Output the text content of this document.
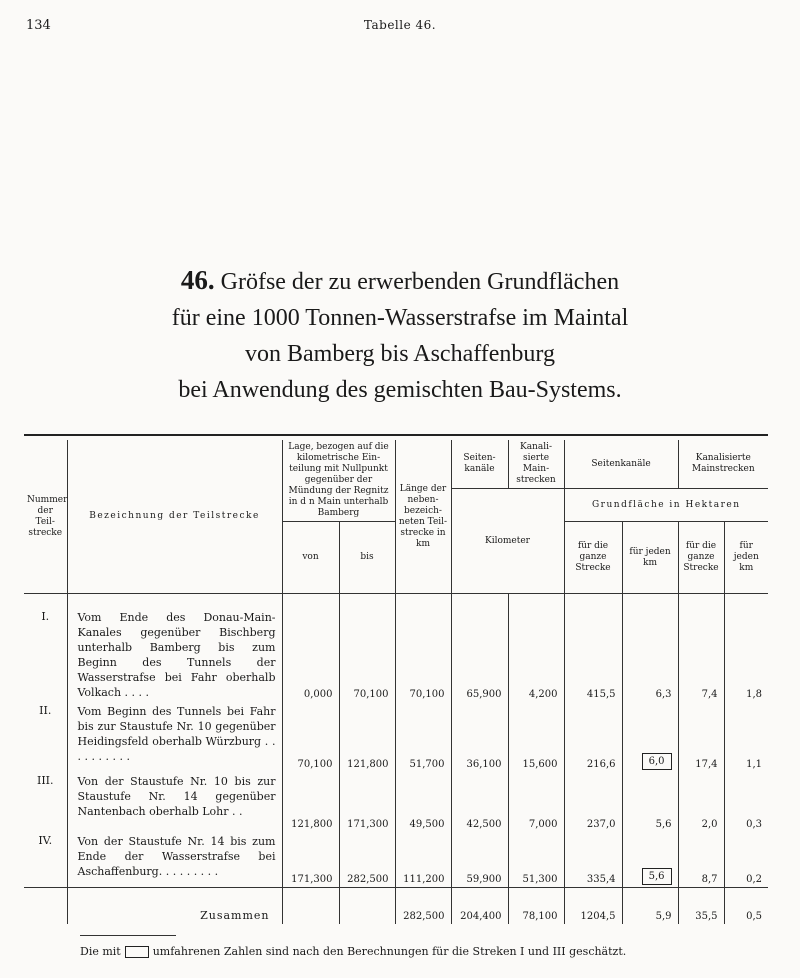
134	Tabelle 46.
46. Gröfse der zu erwerbenden Grundflächen
für eine 1000 Tonnen-Wasserstrafse im Maintal
von Bamberg bis Aschaffenburg
bei Anwendung des gemischten Bau-Systems.
Nummer der Teil-strecke	Bezeichnung der Teilstrecke	Lage, bezogen auf die kilometrische Ein-teilung mit Nullpunkt gegenüber der Mündung der Regnitz in d n Main unterhalb Bamberg		Länge der neben-bezeich-neten Teil-strecke in km	Seiten-kanäle	Kanali-sierte Main-strecken	Seitenkanäle		Kanalisierte Mainstrecken	
					Kilometer		Grundfläche in Hektaren			
		von	bis				für die ganze Strecke	für jeden km	für die ganze Strecke	für jeden km

I.	Vom Ende des Donau-Main-Kanales gegenüber Bischberg unterhalb Bamberg bis zum Beginn des Tunnels der Wasserstrafse bei Fahr oberhalb Volkach . . . .	0,000	70,100	70,100	65,900	4,200	415,5	6,3	7,4	1,8
II.	Vom Beginn des Tunnels bei Fahr bis zur Staustufe Nr. 10 gegenüber Heidingsfeld oberhalb Würzburg . . . . . . . . . .	70,100	121,800	51,700	36,100	15,600	216,6	6,0	17,4	1,1
III.	Von der Staustufe Nr. 10 bis zur Staustufe Nr. 14 gegenüber Nantenbach oberhalb Lohr . .	121,800	171,300	49,500	42,500	7,000	237,0	5,6	2,0	0,3
IV.	Von der Staustufe Nr. 14 bis zum Ende der Wasserstrafse bei Aschaffenburg. . . . . . . . .	171,300	282,500	111,200	59,900	51,300	335,4	5,6	8,7	0,2
	Zusammen			282,500	204,400	78,100	1204,5	5,9	35,5	0,5
Die mit	umfahrenen Zahlen sind nach den Berechnungen für die Streken I und III geschätzt.
